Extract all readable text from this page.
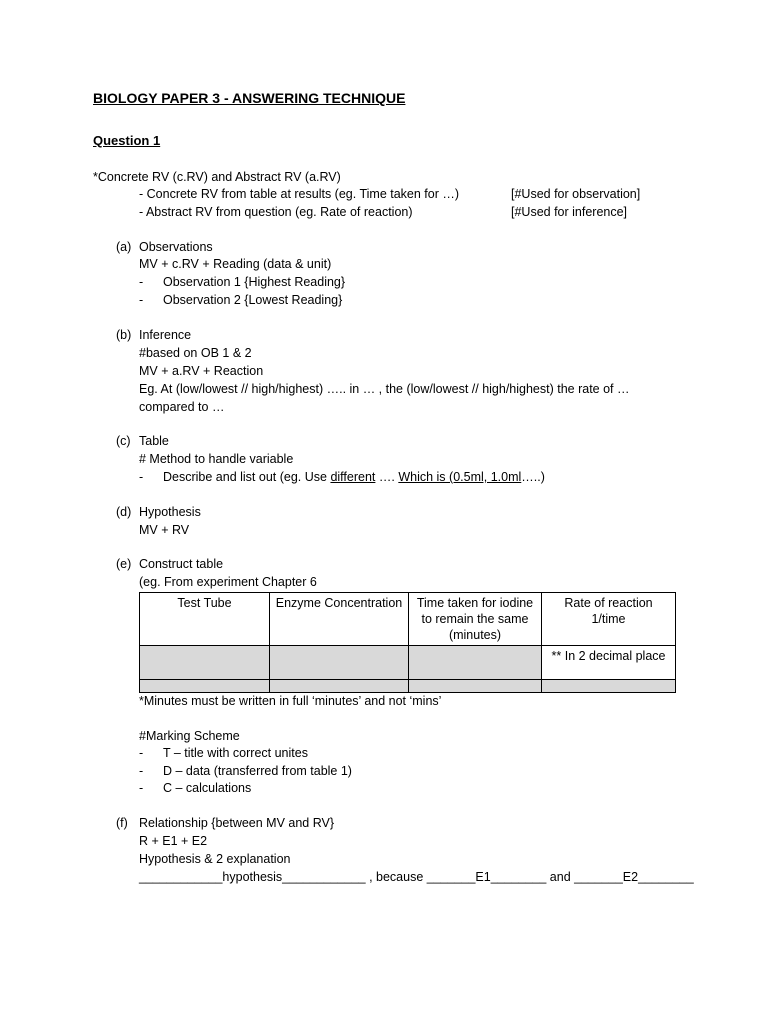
BIOLOGY PAPER 3 - ANSWERING TECHNIQUE
Question 1
*Concrete RV (c.RV) and Abstract RV (a.RV)
- Concrete RV from table at results (eg. Time taken for …)	[#Used for observation]
- Abstract RV from question (eg. Rate of reaction)	[#Used for inference]
(a) Observations
MV + c.RV + Reading (data & unit)
- Observation 1 {Highest Reading}
- Observation 2 {Lowest Reading}
(b) Inference
#based on OB 1 & 2
MV + a.RV + Reaction
Eg. At (low/lowest // high/highest) ….. in … , the (low/lowest // high/highest) the rate of …
compared to …
(c) Table
# Method to handle variable
- Describe and list out (eg. Use different …. Which is (0.5ml, 1.0ml…..)
(d) Hypothesis
MV + RV
(e) Construct table
(eg. From experiment Chapter 6
Test Tube	Enzyme Concentration	Time taken for iodine to remain the same (minutes)	Rate of reaction 1/time
			** In 2 decimal place

*Minutes must be written in full ‘minutes’ and not ‘mins’
#Marking Scheme
- T – title with correct unites
- D – data (transferred from table 1)
- C – calculations
(f) Relationship {between MV and RV}
R + E1 + E2
Hypothesis & 2 explanation
____________hypothesis____________ , because _______E1________ and _______E2________
